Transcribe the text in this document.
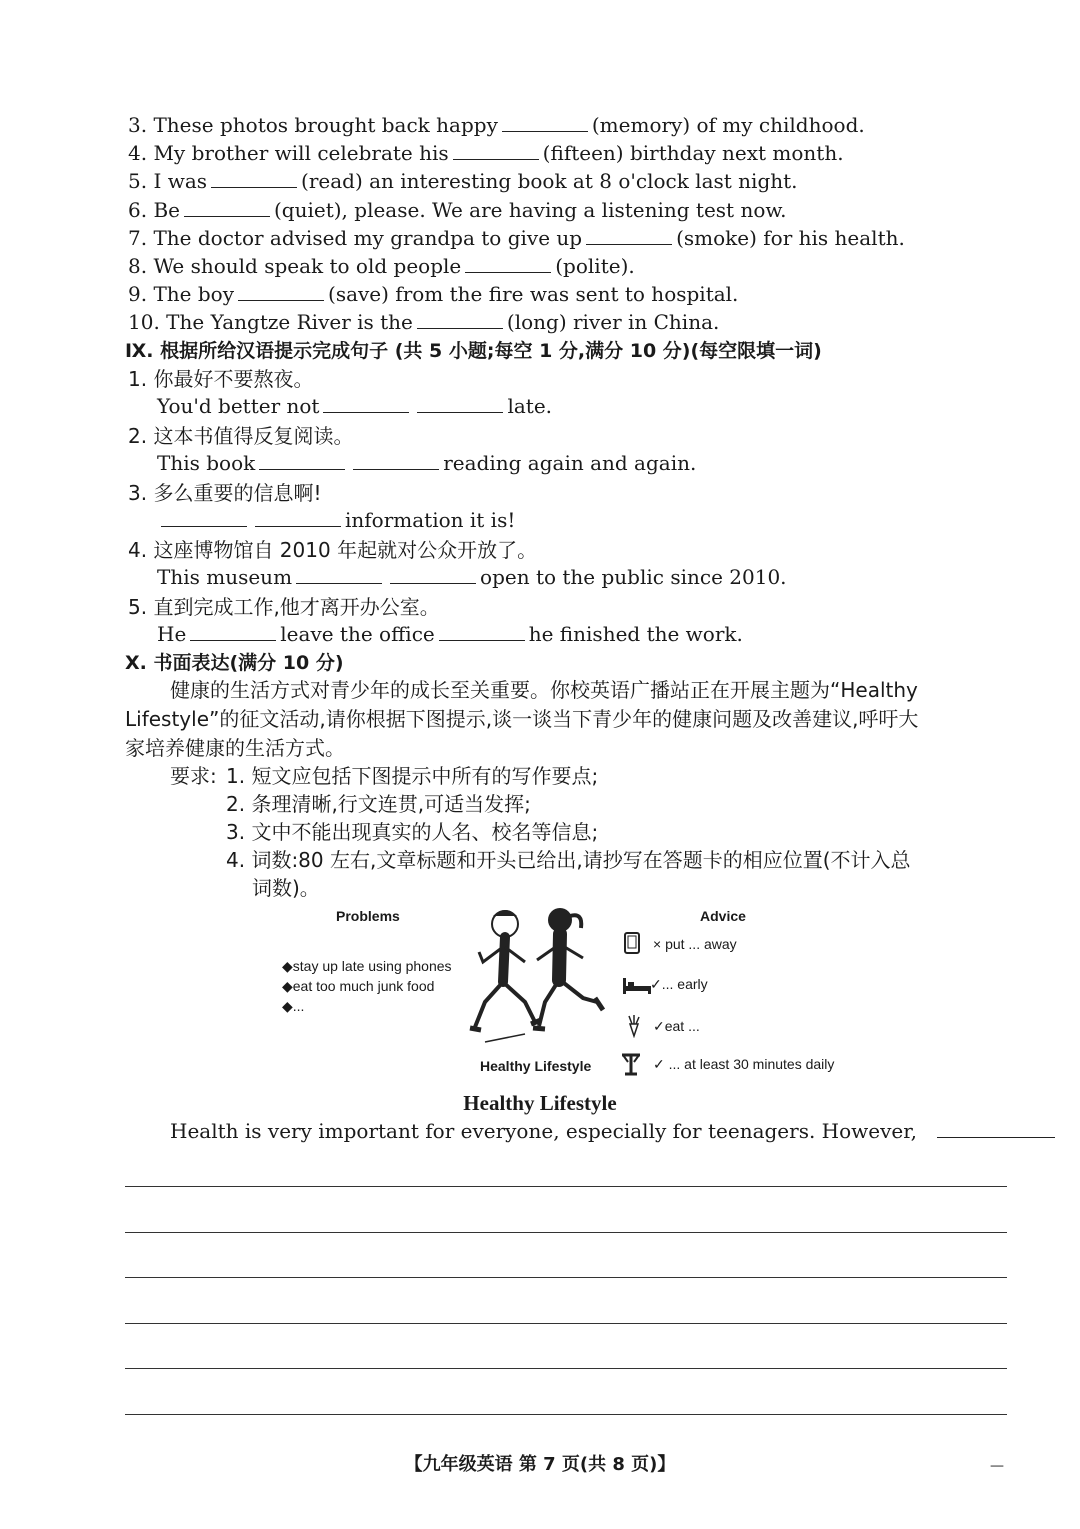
3. These photos brought back happy	(memory) of my childhood.
4. My brother will celebrate his	(fifteen) birthday next month.
5. I was	(read) an interesting book at 8 o'clock last night.
6. Be	(quiet), please. We are having a listening test now.
7. The doctor advised my grandpa to give up	(smoke) for his health.
8. We should speak to old people	(polite).
9. The boy	(save) from the fire was sent to hospital.
10. The Yangtze River is the	(long) river in China.
Ⅸ. 根据所给汉语提示完成句子 (共 5 小题;每空 1 分,满分 10 分)(每空限填一词)
1. 你最好不要熬夜。
You'd better not	late.
2. 这本书值得反复阅读。
This book	reading again and again.
3. 多么重要的信息啊!
information it is!
4. 这座博物馆自 2010 年起就对公众开放了。
This museum	open to the public since 2010.
5. 直到完成工作,他才离开办公室。
He	leave the office	he finished the work.
Ⅹ. 书面表达(满分 10 分)
健康的生活方式对青少年的成长至关重要。你校英语广播站正在开展主题为“Healthy
Lifestyle”的征文活动,请你根据下图提示,谈一谈当下青少年的健康问题及改善建议,呼吁大
家培养健康的生活方式。
要求: 1. 短文应包括下图提示中所有的写作要点;
2. 条理清晰,行文连贯,可适当发挥;
3. 文中不能出现真实的人名、校名等信息;
4. 词数:80 左右,文章标题和开头已给出,请抄写在答题卡的相应位置(不计入总
词数)。
Problems
◆stay up late using phones
◆eat too much junk food
◆...
Healthy Lifestyle
Advice
× put ... away
✓... early
✓eat ...
✓ ... at least 30 minutes daily
Healthy Lifestyle
Health is very important for everyone, especially for teenagers. However,
【九年级英语 第 7 页(共 8 页)】	—
